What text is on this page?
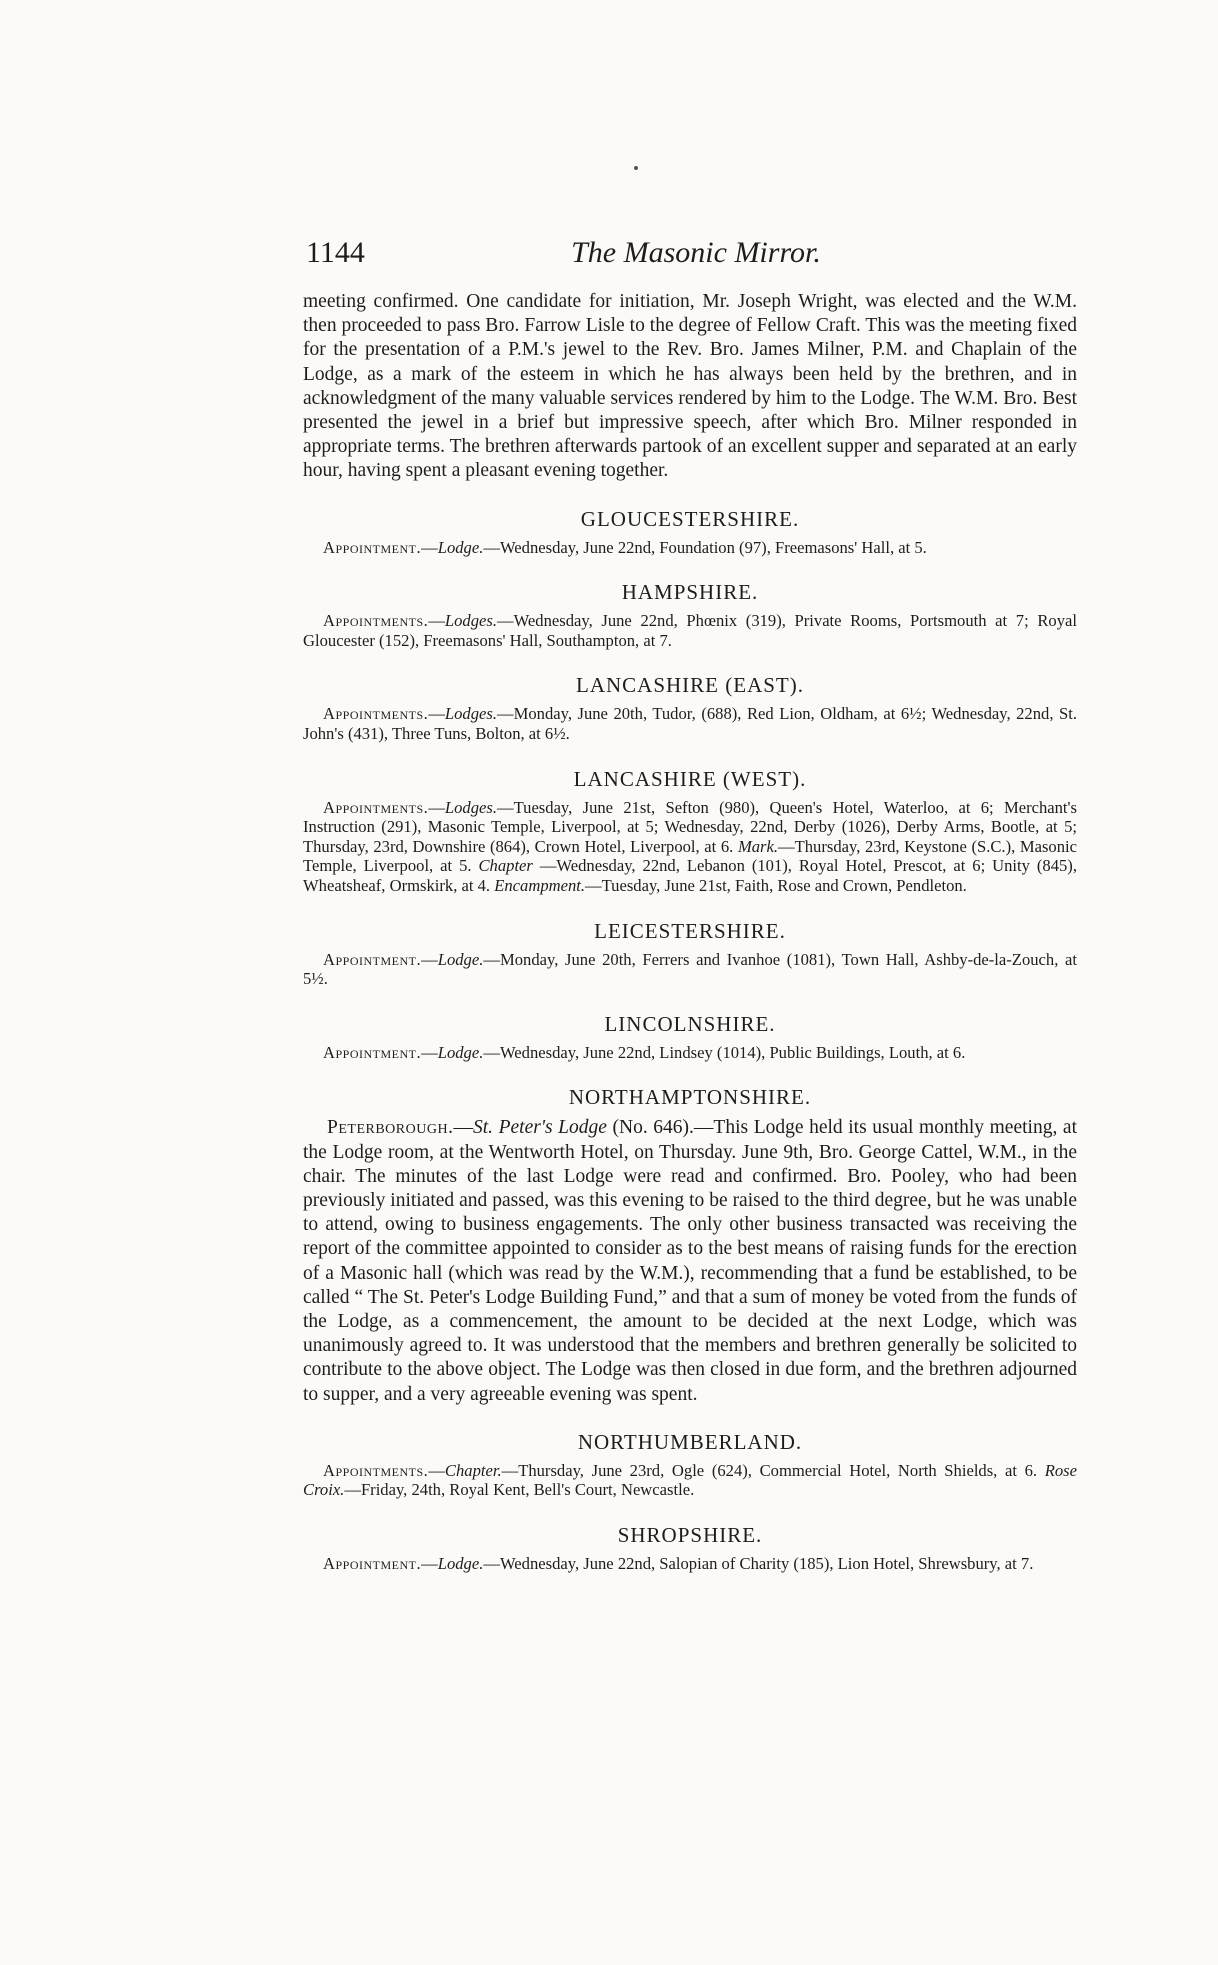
1144	The Masonic Mirror.

meeting confirmed. One candidate for initiation, Mr. Joseph Wright, was elected and the W.M. then proceeded to pass Bro. Farrow Lisle to the degree of Fellow Craft. This was the meeting fixed for the presentation of a P.M.'s jewel to the Rev. Bro. James Milner, P.M. and Chaplain of the Lodge, as a mark of the esteem in which he has always been held by the brethren, and in acknowledgment of the many valuable services rendered by him to the Lodge. The W.M. Bro. Best presented the jewel in a brief but impressive speech, after which Bro. Milner responded in appropriate terms. The brethren afterwards partook of an excellent supper and separated at an early hour, having spent a pleasant evening together.

GLOUCESTERSHIRE.

Appointment.—Lodge.—Wednesday, June 22nd, Foundation (97), Freemasons' Hall, at 5.

HAMPSHIRE.

Appointments.—Lodges.—Wednesday, June 22nd, Phœnix (319), Private Rooms, Portsmouth at 7; Royal Gloucester (152), Freemasons' Hall, Southampton, at 7.

LANCASHIRE (EAST).

Appointments.—Lodges.—Monday, June 20th, Tudor, (688), Red Lion, Oldham, at 6½; Wednesday, 22nd, St. John's (431), Three Tuns, Bolton, at 6½.

LANCASHIRE (WEST).

Appointments.—Lodges.—Tuesday, June 21st, Sefton (980), Queen's Hotel, Waterloo, at 6; Merchant's Instruction (291), Masonic Temple, Liverpool, at 5; Wednesday, 22nd, Derby (1026), Derby Arms, Bootle, at 5; Thursday, 23rd, Downshire (864), Crown Hotel, Liverpool, at 6. Mark.—Thursday, 23rd, Keystone (S.C.), Masonic Temple, Liverpool, at 5. Chapter —Wednesday, 22nd, Lebanon (101), Royal Hotel, Prescot, at 6; Unity (845), Wheatsheaf, Ormskirk, at 4. Encampment.—Tuesday, June 21st, Faith, Rose and Crown, Pendleton.

LEICESTERSHIRE.

Appointment.—Lodge.—Monday, June 20th, Ferrers and Ivanhoe (1081), Town Hall, Ashby-de-la-Zouch, at 5½.

LINCOLNSHIRE.

Appointment.—Lodge.—Wednesday, June 22nd, Lindsey (1014), Public Buildings, Louth, at 6.

NORTHAMPTONSHIRE.

Peterborough.—St. Peter's Lodge (No. 646).—This Lodge held its usual monthly meeting, at the Lodge room, at the Wentworth Hotel, on Thursday. June 9th, Bro. George Cattel, W.M., in the chair. The minutes of the last Lodge were read and confirmed. Bro. Pooley, who had been previously initiated and passed, was this evening to be raised to the third degree, but he was unable to attend, owing to business engagements. The only other business transacted was receiving the report of the committee appointed to consider as to the best means of raising funds for the erection of a Masonic hall (which was read by the W.M.), recommending that a fund be established, to be called “ The St. Peter's Lodge Building Fund,” and that a sum of money be voted from the funds of the Lodge, as a commencement, the amount to be decided at the next Lodge, which was unanimously agreed to. It was understood that the members and brethren generally be solicited to contribute to the above object. The Lodge was then closed in due form, and the brethren adjourned to supper, and a very agreeable evening was spent.

NORTHUMBERLAND.

Appointments.—Chapter.—Thursday, June 23rd, Ogle (624), Commercial Hotel, North Shields, at 6. Rose Croix.—Friday, 24th, Royal Kent, Bell's Court, Newcastle.

SHROPSHIRE.

Appointment.—Lodge.—Wednesday, June 22nd, Salopian of Charity (185), Lion Hotel, Shrewsbury, at 7.
